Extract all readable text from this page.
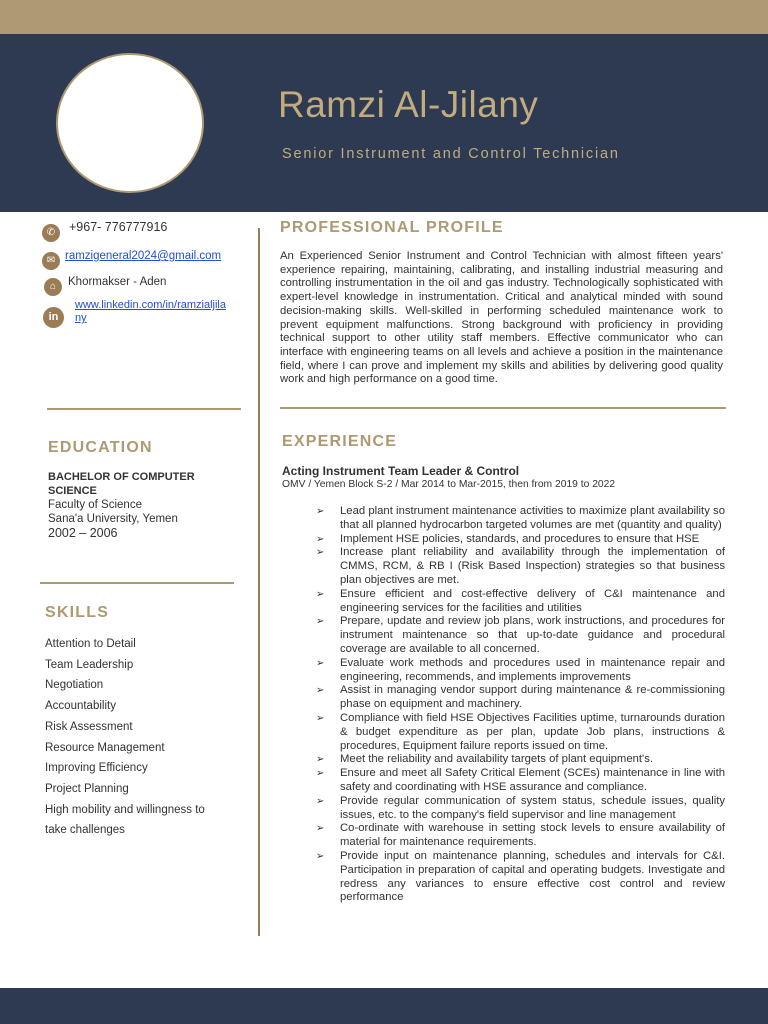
Ramzi Al-Jilany
Senior Instrument and Control Technician
✆	+967- 776777916
✉ ramzigeneral2024@gmail.com
⌂	Khormakser - Aden
in
www.linkedin.com/in/ramzialjila
ny
PROFESSIONAL PROFILE
An Experienced Senior Instrument and Control Technician with almost fifteen years' experience repairing, maintaining, calibrating, and installing industrial measuring and controlling instrumentation in the oil and gas industry. Technologically sophisticated with expert-level knowledge in instrumentation. Critical and analytical minded with sound decision-making skills. Well-skilled in performing scheduled maintenance work to prevent equipment malfunctions. Strong background with proficiency in providing technical support to other utility staff members. Effective communicator who can interface with engineering teams on all levels and achieve a position in the maintenance field, where I can prove and implement my skills and abilities by delivering good quality work and high performance on a good time.
EDUCATION
BACHELOR OF COMPUTER SCIENCE
Faculty of Science
Sana'a University, Yemen
2002 – 2006
SKILLS
Attention to Detail
Team Leadership
Negotiation
Accountability
Risk Assessment
Resource Management
Improving Efficiency
Project Planning
High mobility and willingness to take challenges
EXPERIENCE
Acting Instrument Team Leader & Control
OMV / Yemen Block S-2 / Mar 2014 to Mar-2015, then from 2019 to 2022
➢ Lead plant instrument maintenance activities to maximize plant availability so that all planned hydrocarbon targeted volumes are met (quantity and quality)
➢ Implement HSE policies, standards, and procedures to ensure that HSE
➢ Increase plant reliability and availability through the implementation of CMMS, RCM, & RB I (Risk Based Inspection) strategies so that business plan objectives are met.
➢ Ensure efficient and cost-effective delivery of C&I maintenance and engineering services for the facilities and utilities
➢ Prepare, update and review job plans, work instructions, and procedures for instrument maintenance so that up-to-date guidance and procedural coverage are available to all concerned.
➢ Evaluate work methods and procedures used in maintenance repair and engineering, recommends, and implements improvements
➢ Assist in managing vendor support during maintenance & re-commissioning phase on equipment and machinery.
➢ Compliance with field HSE Objectives Facilities uptime, turnarounds duration & budget expenditure as per plan, update Job plans, instructions & procedures, Equipment failure reports issued on time.
➢ Meet the reliability and availability targets of plant equipment's.
➢ Ensure and meet all Safety Critical Element (SCEs) maintenance in line with safety and coordinating with HSE assurance and compliance.
➢ Provide regular communication of system status, schedule issues, quality issues, etc. to the company's field supervisor and line management
➢ Co-ordinate with warehouse in setting stock levels to ensure availability of material for maintenance requirements.
➢ Provide input on maintenance planning, schedules and intervals for C&I. Participation in preparation of capital and operating budgets. Investigate and redress any variances to ensure effective cost control and review performance
